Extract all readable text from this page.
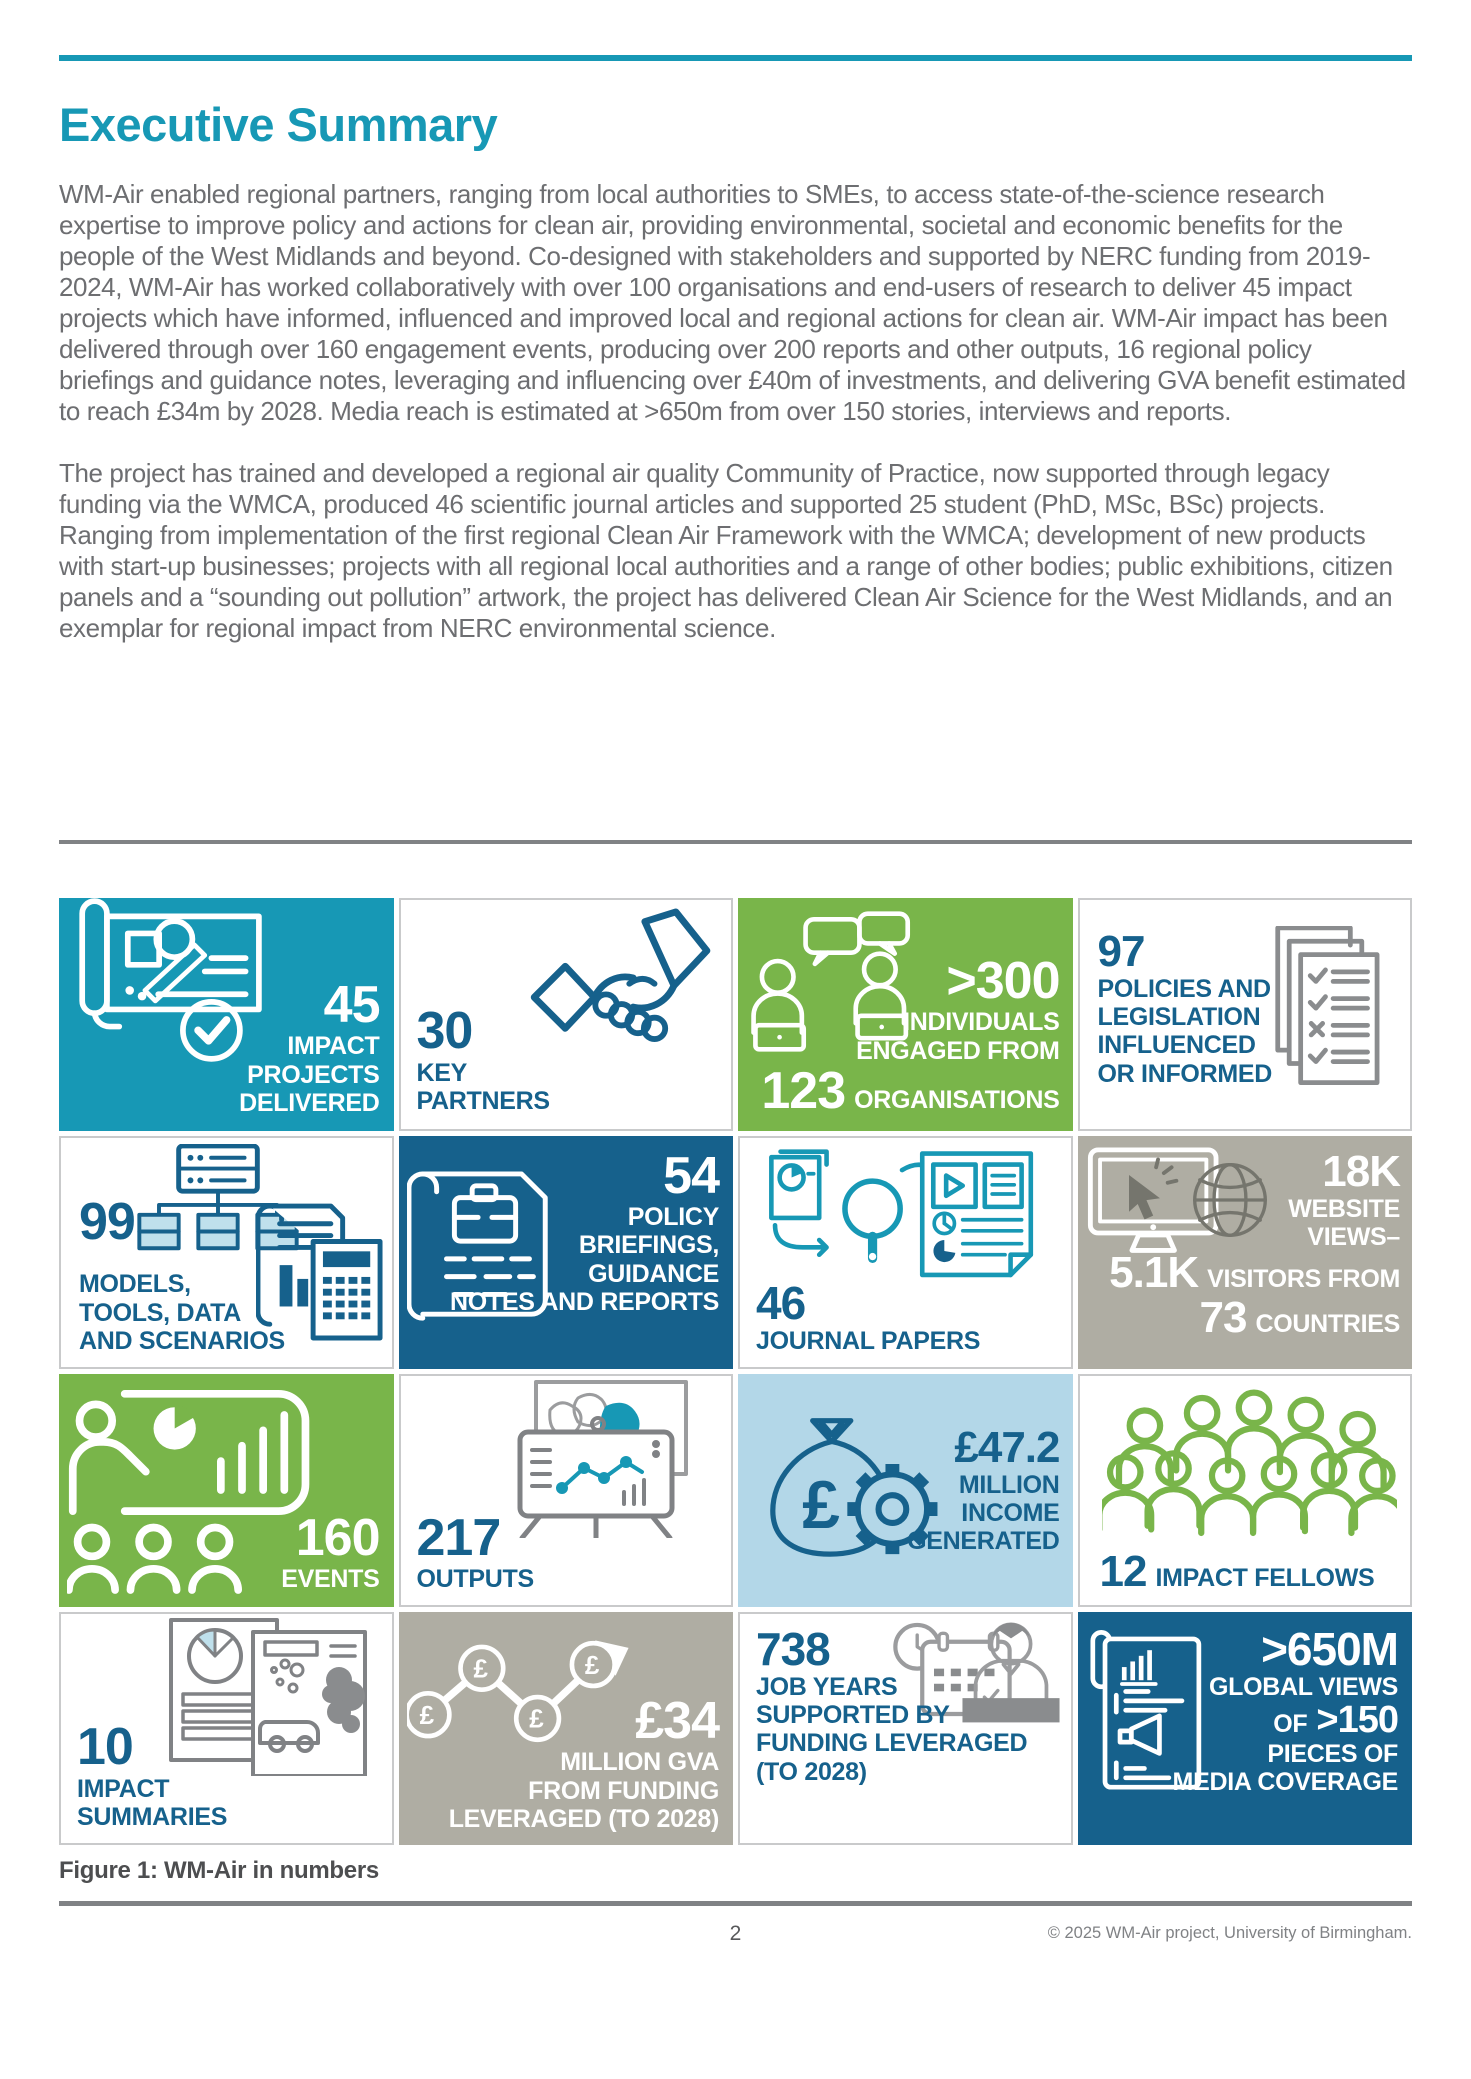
Executive Summary

WM-Air enabled regional partners, ranging from local authorities to SMEs, to access state-of-the-science research expertise to improve policy and actions for clean air, providing environmental, societal and economic benefits for the people of the West Midlands and beyond. Co-designed with stakeholders and supported by NERC funding from 2019-2024, WM-Air has worked collaboratively with over 100 organisations and end-users of research to deliver 45 impact projects which have informed, influenced and improved local and regional actions for clean air. WM-Air impact has been delivered through over 160 engagement events, producing over 200 reports and other outputs, 16 regional policy briefings and guidance notes, leveraging and influencing over £40m of investments, and delivering GVA benefit estimated to reach £34m by 2028. Media reach is estimated at >650m from over 150 stories, interviews and reports.

The project has trained and developed a regional air quality Community of Practice, now supported through legacy funding via the WMCA, produced 46 scientific journal articles and supported 25 student (PhD, MSc, BSc) projects. Ranging from implementation of the first regional Clean Air Framework with the WMCA; development of new products with start-up businesses; projects with all regional local authorities and a range of other bodies; public exhibitions, citizen panels and a “sounding out pollution” artwork, the project has delivered Clean Air Science for the West Midlands, and an exemplar for regional impact from NERC environmental science.

45
IMPACT
PROJECTS
DELIVERED
30
KEY
PARTNERS
>300
INDIVIDUALS
ENGAGED FROM
123 ORGANISATIONS
97
POLICIES AND
LEGISLATION
INFLUENCED
OR INFORMED
99
MODELS,
TOOLS, DATA
AND SCENARIOS
54
POLICY
BRIEFINGS,
GUIDANCE
NOTES AND REPORTS 46
JOURNAL PAPERS
18K
WEBSITE
VIEWS–
5.1K VISITORS FROM
73 COUNTRIES
160
EVENTS
217
OUTPUTS
£
£47.2
MILLION
INCOME
GENERATED
12 IMPACT FELLOWS
10
IMPACT
SUMMARIES
£
£
£
£
£34
MILLION GVA
FROM FUNDING
LEVERAGED (TO 2028)
738
JOB YEARS
SUPPORTED BY
FUNDING LEVERAGED
(TO 2028)
>650M
GLOBAL VIEWS
OF >150
PIECES OF
MEDIA COVERAGE
Figure 1: WM-Air in numbers
2	© 2025 WM-Air project, University of Birmingham.
